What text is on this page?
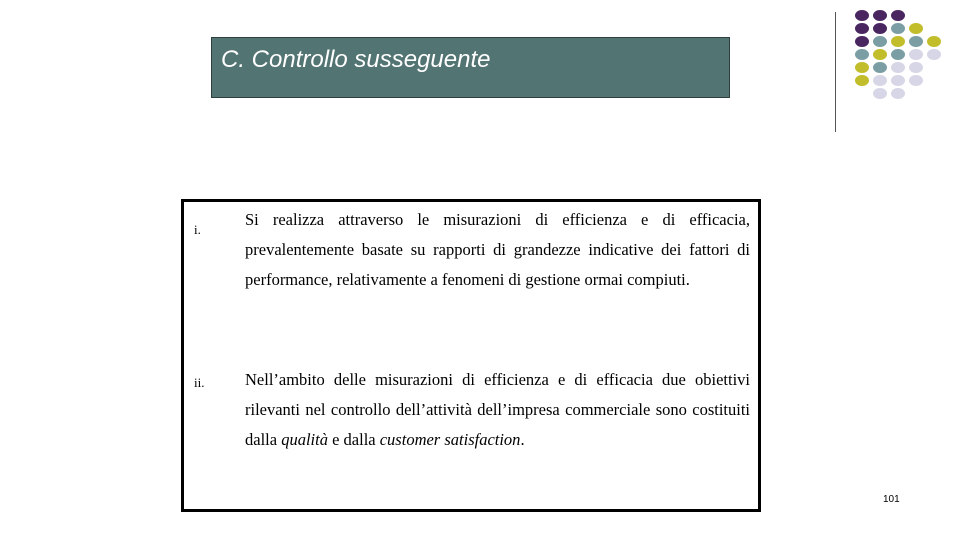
C. Controllo susseguente
i.
Si realizza attraverso le misurazioni di efficienza e di efficacia, prevalentemente basate su rapporti di grandezze indicative dei fattori di performance, relativamente a fenomeni di gestione ormai compiuti.
ii. Nell’ambito delle misurazioni di efficienza e di efficacia due obiettivi rilevanti nel controllo dell’attività dell’impresa commerciale sono costituiti dalla qualità e dalla customer satisfaction.
101
